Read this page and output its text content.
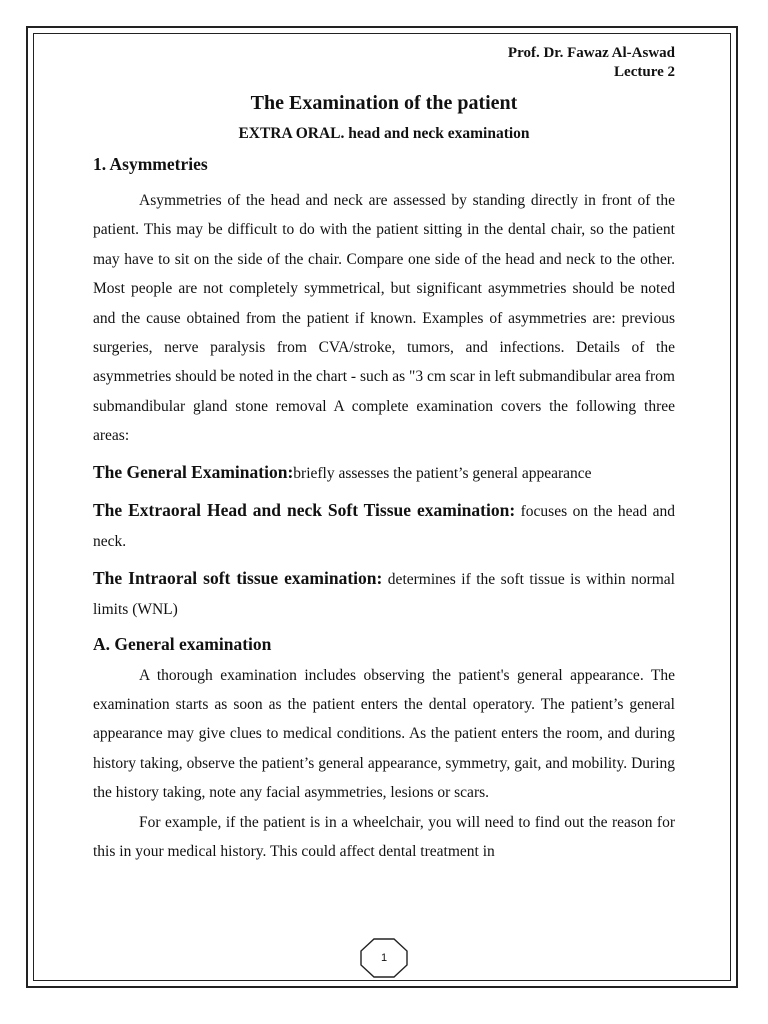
Prof. Dr. Fawaz Al-Aswad
Lecture 2
The Examination of the patient
EXTRA ORAL. head and neck examination
1. Asymmetries

Asymmetries of the head and neck are assessed by standing directly in front of the patient. This may be difficult to do with the patient sitting in the dental chair, so the patient may have to sit on the side of the chair. Compare one side of the head and neck to the other. Most people are not completely symmetrical, but significant asymmetries should be noted and the cause obtained from the patient if known. Examples of asymmetries are: previous surgeries, nerve paralysis from CVA/stroke, tumors, and infections. Details of the asymmetries should be noted in the chart - such as "3 cm scar in left submandibular area from submandibular gland stone removal A complete examination covers the following three areas:

The General Examination:briefly assesses the patient’s general appearance

The Extraoral Head and neck Soft Tissue examination: focuses on the head and neck.

The Intraoral soft tissue examination: determines if the soft tissue is within normal limits (WNL)

A. General examination

A thorough examination includes observing the patient's general appearance. The examination starts as soon as the patient enters the dental operatory. The patient’s general appearance may give clues to medical conditions. As the patient enters the room, and during history taking, observe the patient’s general appearance, symmetry, gait, and mobility. During the history taking, note any facial asymmetries, lesions or scars.

For example, if the patient is in a wheelchair, you will need to find out the reason for this in your medical history. This could affect dental treatment in

1
